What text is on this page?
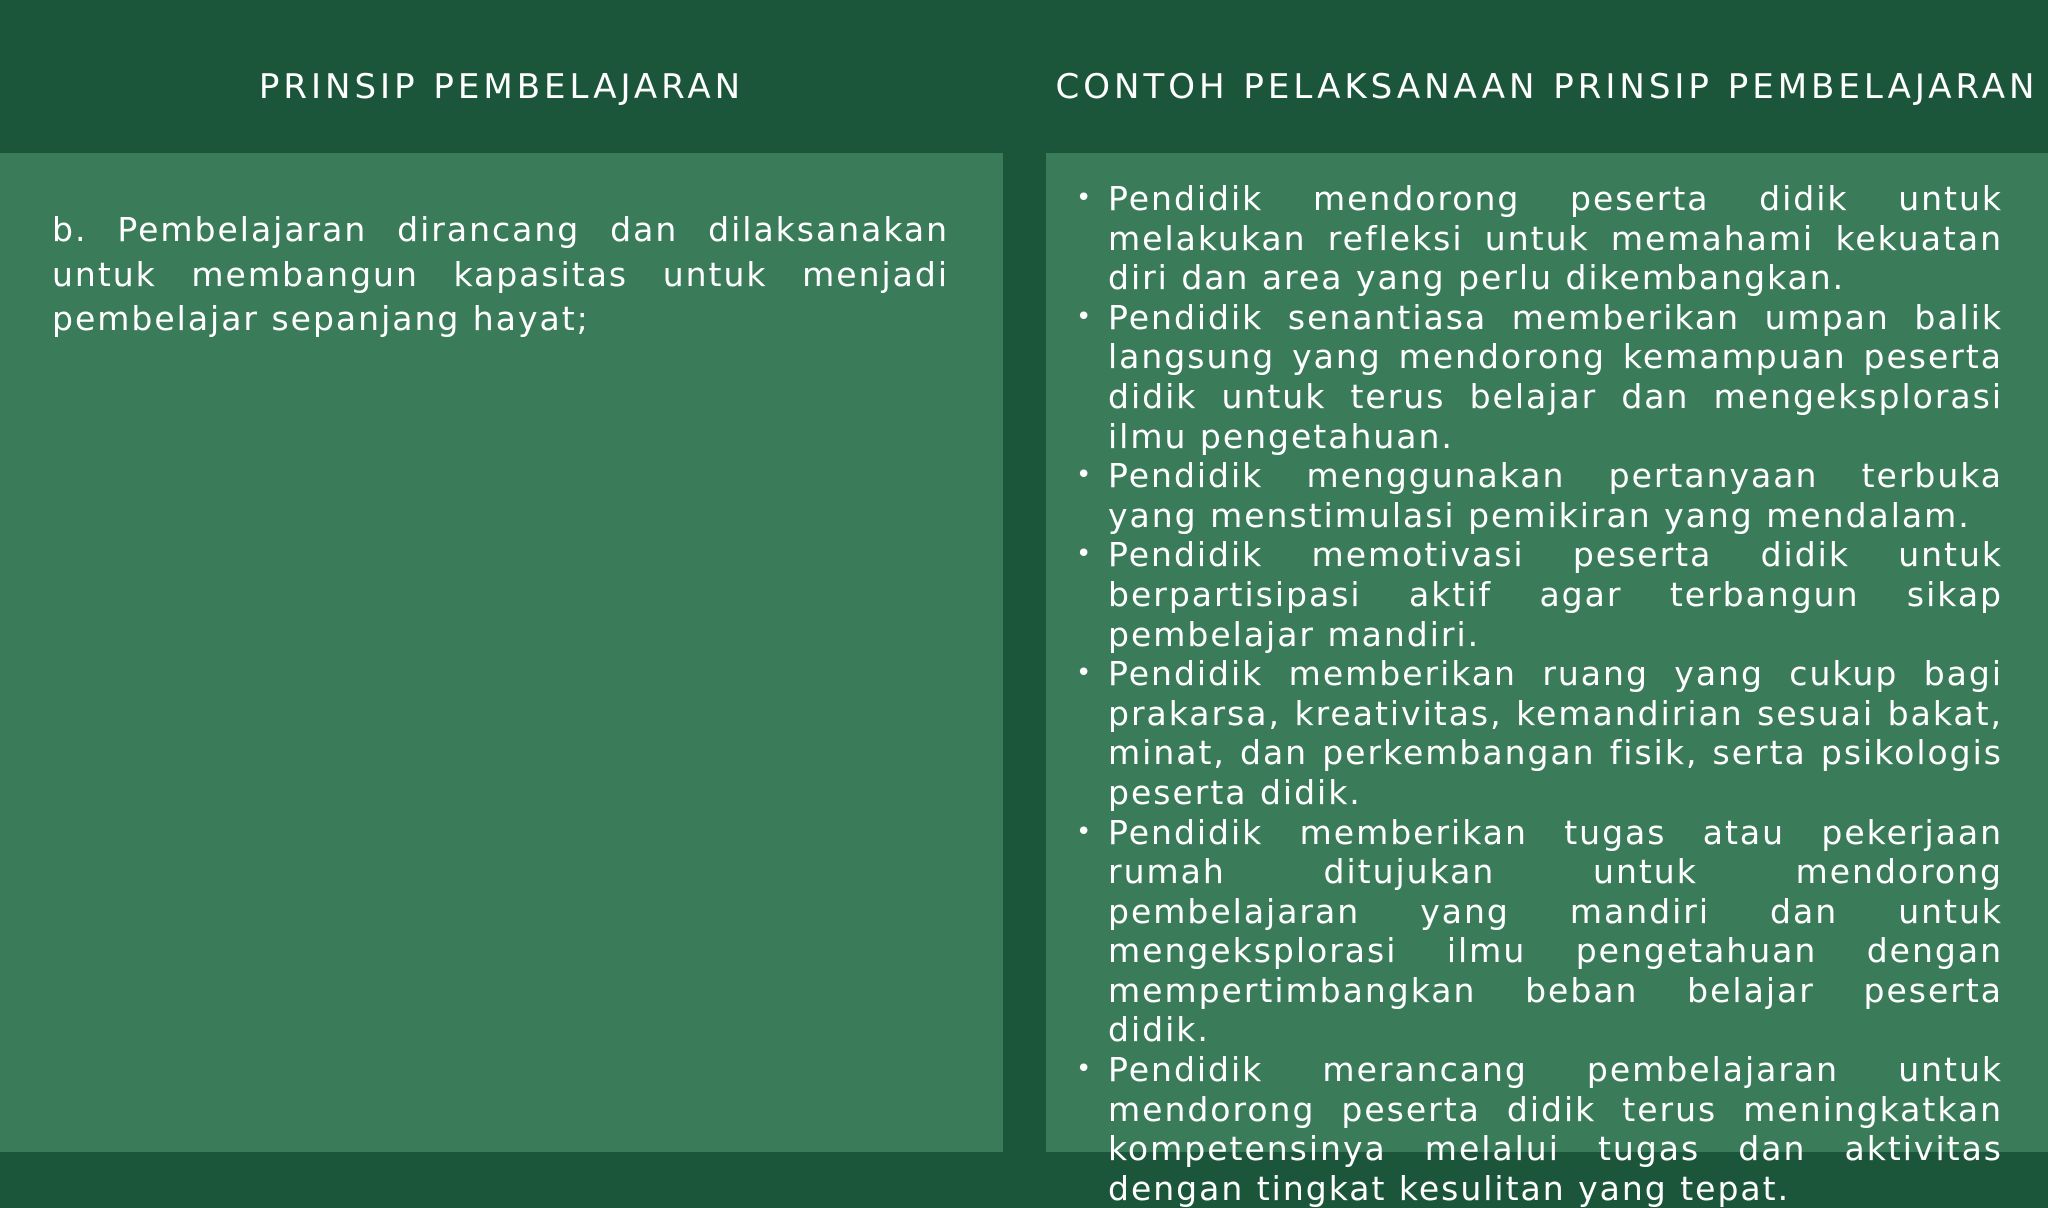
PRINSIP PEMBELAJARAN	CONTOH PELAKSANAAN PRINSIP PEMBELAJARAN

b. Pembelajaran dirancang dan dilaksanakan untuk membangun kapasitas untuk menjadi pembelajar sepanjang hayat;

• Pendidik mendorong peserta didik untuk melakukan refleksi untuk memahami kekuatan diri dan area yang perlu dikembangkan.
• Pendidik senantiasa memberikan umpan balik langsung yang mendorong kemampuan peserta didik untuk terus belajar dan mengeksplorasi ilmu pengetahuan.
• Pendidik menggunakan pertanyaan terbuka yang menstimulasi pemikiran yang mendalam.
• Pendidik memotivasi peserta didik untuk berpartisipasi aktif agar terbangun sikap pembelajar mandiri.
• Pendidik memberikan ruang yang cukup bagi prakarsa, kreativitas, kemandirian sesuai bakat, minat, dan perkembangan fisik, serta psikologis peserta didik.
• Pendidik memberikan tugas atau pekerjaan rumah ditujukan untuk mendorong pembelajaran yang mandiri dan untuk mengeksplorasi ilmu pengetahuan dengan mempertimbangkan beban belajar peserta didik.
• Pendidik merancang pembelajaran untuk mendorong peserta didik terus meningkatkan kompetensinya melalui tugas dan aktivitas dengan tingkat kesulitan yang tepat.
